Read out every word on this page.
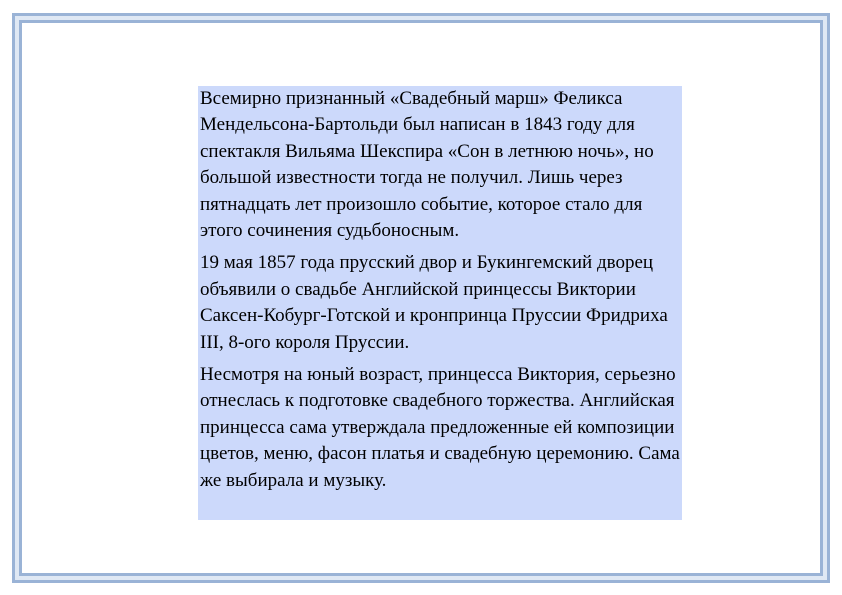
Всемирно признанный «Свадебный марш» Феликса Мендельсона-Бартольди был написан в 1843 году для спектакля Вильяма Шекспира «Сон в летнюю ночь», но большой известности тогда не получил. Лишь через пятнадцать лет произошло событие, которое стало для этого сочинения судьбоносным.

19 мая 1857 года прусский двор и Букингемский дворец объявили о свадьбе Английской принцессы Виктории Саксен-Кобург-Готской и кронпринца Пруссии Фридриха III, 8-ого короля Пруссии.

Несмотря на юный возраст, принцесса Виктория, серьезно отнеслась к подготовке свадебного торжества. Английская принцесса сама утверждала предложенные ей композиции цветов, меню, фасон платья и свадебную церемонию. Сама же выбирала и музыку.
